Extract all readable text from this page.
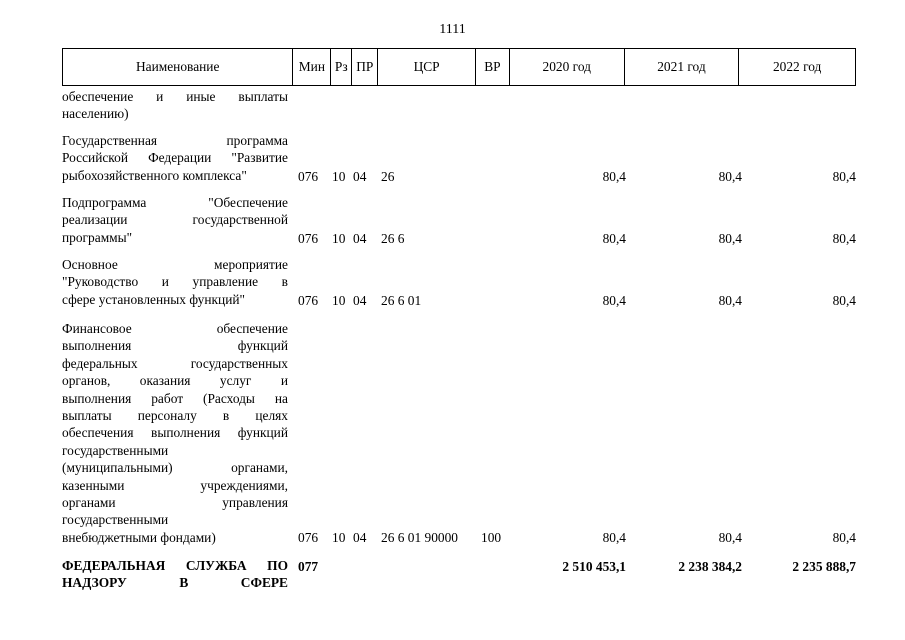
1111
Наименование	Мин Рз ПР	ЦСР	ВР	2020 год	2021 год	2022 год
обеспечение и иные выплаты
населению)
Государственная программа
Российской Федерации "Развитие
рыбохозяйственного комплекса"	076 10 04 26	80,4	80,4	80,4
Подпрограмма "Обеспечение
реализации государственной
программы"	076 10 04 26 6	80,4	80,4	80,4
Основное мероприятие
"Руководство и управление в
сфере установленных функций"	076 10 04 26 6 01	80,4	80,4	80,4
Финансовое обеспечение
выполнения функций
федеральных государственных
органов, оказания услуг и
выполнения работ (Расходы на
выплаты персоналу в целях
обеспечения выполнения функций
государственными
(муниципальными) органами,
казенными учреждениями,
органами управления
государственными
внебюджетными фондами)	076 10 04 26 6 01 90000 100	80,4	80,4	80,4
ФЕДЕРАЛЬНАЯ СЛУЖБА ПО
НАДЗОРУ В СФЕРЕ
077	2 510 453,1	2 238 384,2	2 235 888,7
